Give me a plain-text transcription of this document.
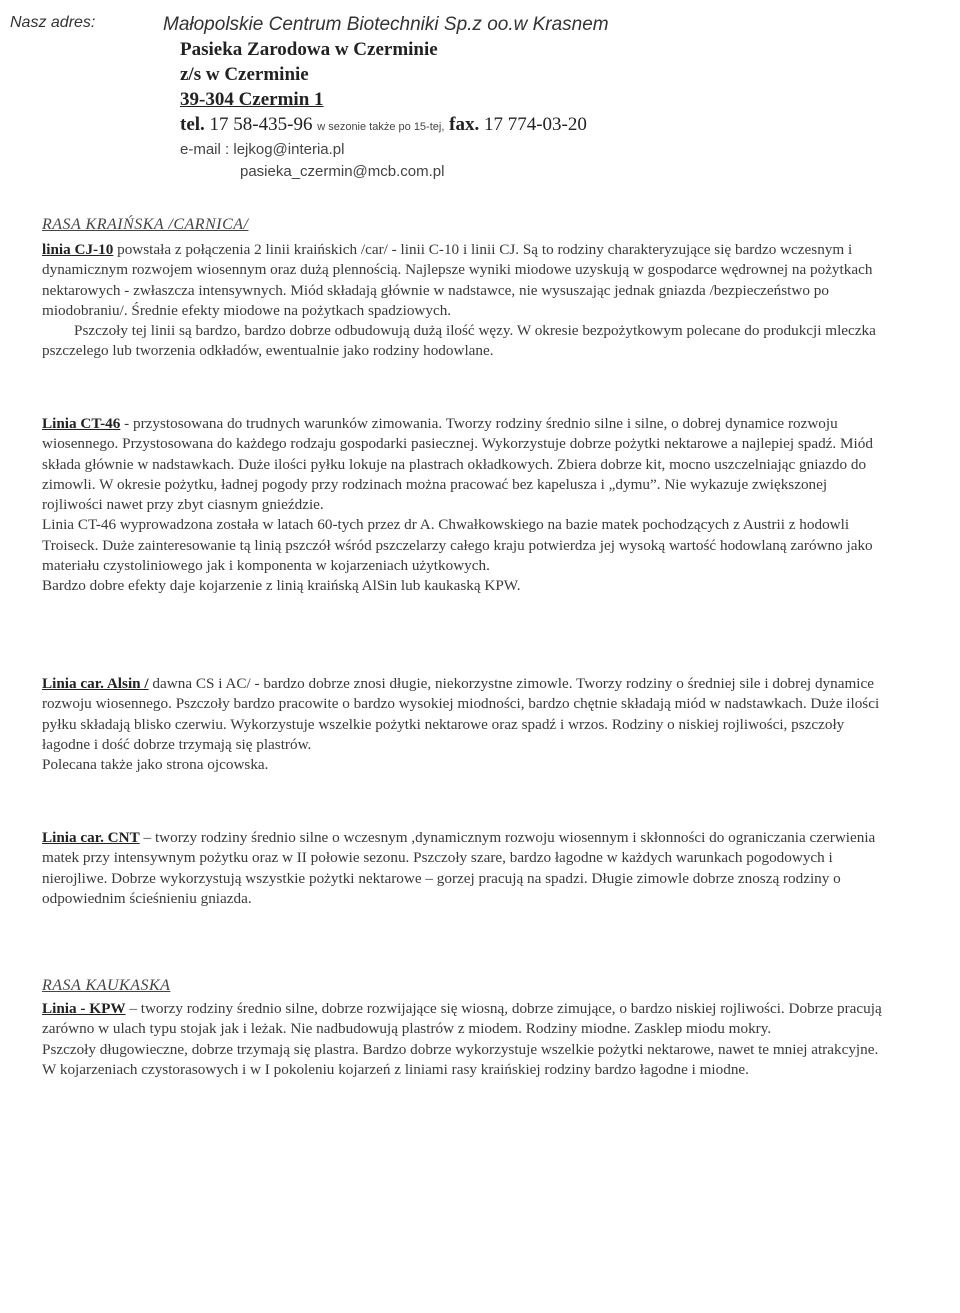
Nasz adres:	Małopolskie Centrum Biotechniki Sp.z oo.w Krasnem
Pasieka Zarodowa w Czerminie
z/s w Czerminie
39-304 Czermin 1
tel. 17 58-435-96 w sezonie także po 15-tej, fax. 17 774-03-20
e-mail : lejkog@interia.pl
pasieka_czermin@mcb.com.pl
RASA KRAIŃSKA /CARNICA/

linia CJ-10 powstała z połączenia 2 linii kraińskich /car/ - linii C-10 i linii CJ. Są to rodziny charakteryzujące się bardzo wczesnym i dynamicznym rozwojem wiosennym oraz dużą plennością. Najlepsze wyniki miodowe uzyskują w gospodarce wędrownej na pożytkach nektarowych - zwłaszcza intensywnych. Miód składają głównie w nadstawce, nie wysuszając jednak gniazda /bezpieczeństwo po miodobraniu/. Średnie efekty miodowe na pożytkach spadziowych.

Pszczoły tej linii są bardzo, bardzo dobrze odbudowują dużą ilość węzy. W okresie bezpożytkowym polecane do produkcji mleczka pszczelego lub tworzenia odkładów, ewentualnie jako rodziny hodowlane.

Linia CT-46 - przystosowana do trudnych warunków zimowania. Tworzy rodziny średnio silne i silne, o dobrej dynamice rozwoju wiosennego. Przystosowana do każdego rodzaju gospodarki pasiecznej. Wykorzystuje dobrze pożytki nektarowe a najlepiej spadź. Miód składa głównie w nadstawkach. Duże ilości pyłku lokuje na plastrach okładkowych. Zbiera dobrze kit, mocno uszczelniając gniazdo do zimowli. W okresie pożytku, ładnej pogody przy rodzinach można pracować bez kapelusza i „dymu”. Nie wykazuje zwiększonej rojliwości nawet przy zbyt ciasnym gnieździe.

Linia CT-46 wyprowadzona została w latach 60-tych przez dr A. Chwałkowskiego na bazie matek pochodzących z Austrii z hodowli Troiseck. Duże zainteresowanie tą linią pszczół wśród pszczelarzy całego kraju potwierdza jej wysoką wartość hodowlaną zarówno jako materiału czystoliniowego jak i komponenta w kojarzeniach użytkowych.

Bardzo dobre efekty daje kojarzenie z linią kraińską AlSin lub kaukaską KPW.

Linia car. Alsin / dawna CS i AC/ - bardzo dobrze znosi długie, niekorzystne zimowle. Tworzy rodziny o średniej sile i dobrej dynamice rozwoju wiosennego. Pszczoły bardzo pracowite o bardzo wysokiej miodności, bardzo chętnie składają miód w nadstawkach. Duże ilości pyłku składają blisko czerwiu. Wykorzystuje wszelkie pożytki nektarowe oraz spadź i wrzos. Rodziny o niskiej rojliwości, pszczoły łagodne i dość dobrze trzymają się plastrów.

Polecana także jako strona ojcowska.

Linia car. CNT – tworzy rodziny średnio silne o wczesnym ,dynamicznym rozwoju wiosennym i skłonności do ograniczania czerwienia matek przy intensywnym pożytku oraz w II połowie sezonu. Pszczoły szare, bardzo łagodne w każdych warunkach pogodowych i nierojliwe. Dobrze wykorzystują wszystkie pożytki nektarowe – gorzej pracują na spadzi. Długie zimowle dobrze znoszą rodziny o odpowiednim ścieśnieniu gniazda.

RASA KAUKASKA

Linia - KPW – tworzy rodziny średnio silne, dobrze rozwijające się wiosną, dobrze zimujące, o bardzo niskiej rojliwości. Dobrze pracują zarówno w ulach typu stojak jak i leżak. Nie nadbudowują plastrów z miodem. Rodziny miodne. Zasklep miodu mokry.

Pszczoły długowieczne, dobrze trzymają się plastra. Bardzo dobrze wykorzystuje wszelkie pożytki nektarowe, nawet te mniej atrakcyjne. W kojarzeniach czystorasowych i w I pokoleniu kojarzeń z liniami rasy kraińskiej rodziny bardzo łagodne i miodne.
